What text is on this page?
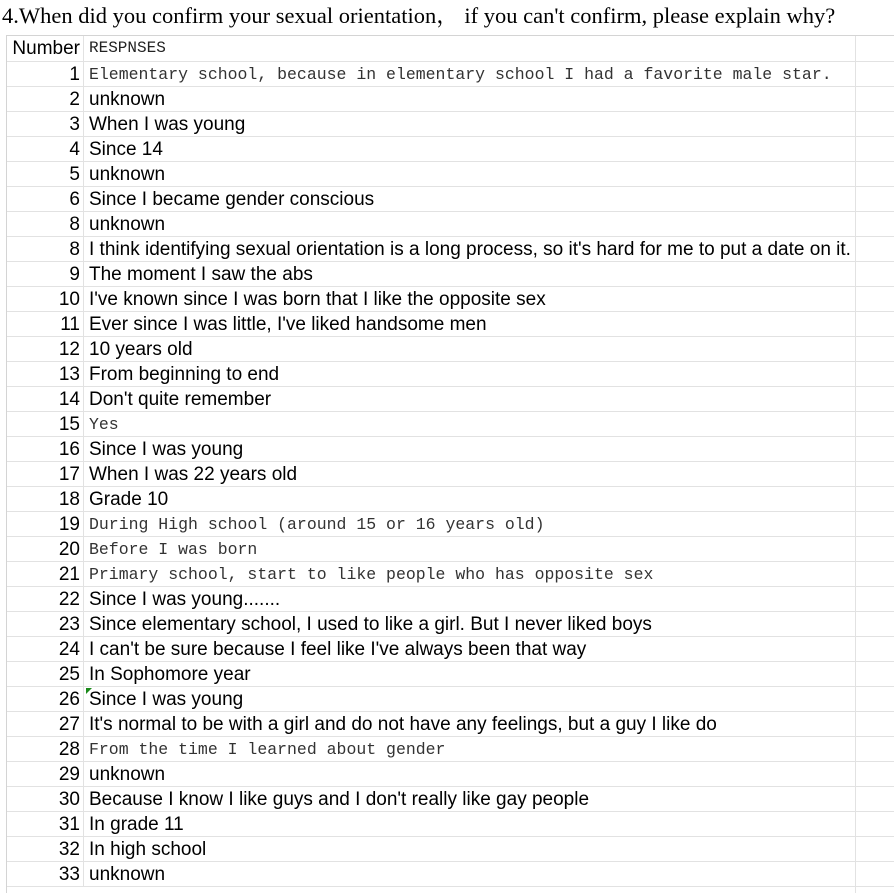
4.When did you confirm your sexual orientation， if you can't confirm, please explain why?
Number RESPNSES
1 Elementary school, because in elementary school I had a favorite male star.
2 unknown
3 When I was young
4 Since 14
5 unknown
6 Since I became gender conscious
8 unknown
8 I think identifying sexual orientation is a long process, so it's hard for me to put a date on it.
9 The moment I saw the abs
10 I've known since I was born that I like the opposite sex
11 Ever since I was little, I've liked handsome men
12 10 years old
13 From beginning to end
14 Don't quite remember
15 Yes
16 Since I was young
17 When I was 22 years old
18 Grade 10
19 During High school (around 15 or 16 years old)
20 Before I was born
21 Primary school, start to like people who has opposite sex
22 Since I was young.......
23 Since elementary school, I used to like a girl. But I never liked boys
24 I can't be sure because I feel like I've always been that way
25 In Sophomore year
26 Since I was young
27 It's normal to be with a girl and do not have any feelings, but a guy I like do
28 From the time I learned about gender
29 unknown
30 Because I know I like guys and I don't really like gay people
31 In grade 11
32 In high school
33 unknown
